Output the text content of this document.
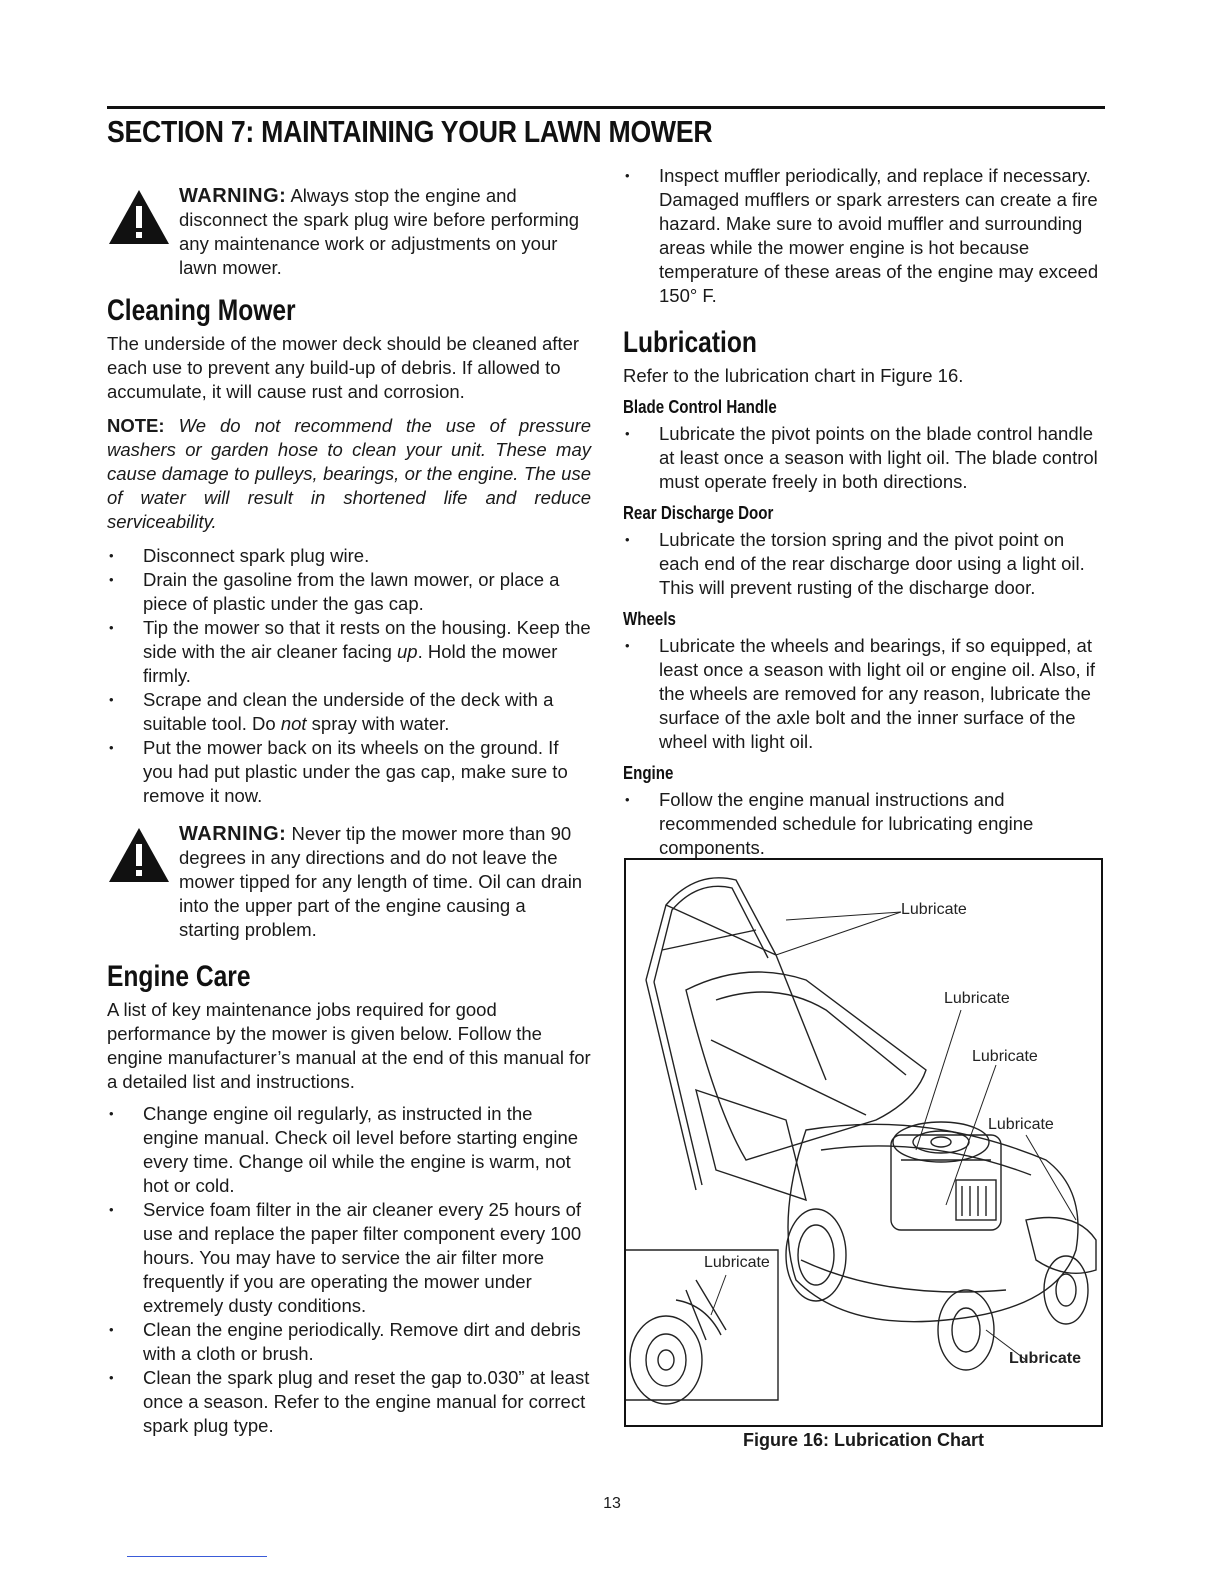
SECTION 7: MAINTAINING YOUR LAWN MOWER
WARNING: Always stop the engine and disconnect the spark plug wire before performing any maintenance work or adjustments on your lawn mower.
Cleaning Mower

The underside of the mower deck should be cleaned after each use to prevent any build-up of debris. If allowed to accumulate, it will cause rust and corrosion.

NOTE: We do not recommend the use of pressure washers or garden hose to clean your unit. These may cause damage to pulleys, bearings, or the engine. The use of water will result in shortened life and reduce serviceability.

• Disconnect spark plug wire.
• Drain the gasoline from the lawn mower, or place a piece of plastic under the gas cap.
• Tip the mower so that it rests on the housing. Keep the side with the air cleaner facing up. Hold the mower firmly.
• Scrape and clean the underside of the deck with a suitable tool. Do not spray with water.
• Put the mower back on its wheels on the ground. If you had put plastic under the gas cap, make sure to remove it now.
WARNING: Never tip the mower more than 90 degrees in any directions and do not leave the mower tipped for any length of time. Oil can drain into the upper part of the engine causing a starting problem.
Engine Care

A list of key maintenance jobs required for good performance by the mower is given below. Follow the engine manufacturer’s manual at the end of this manual for a detailed list and instructions.

• Change engine oil regularly, as instructed in the engine manual. Check oil level before starting engine every time. Change oil while the engine is warm, not hot or cold.
• Service foam filter in the air cleaner every 25 hours of use and replace the paper filter component every 100 hours. You may have to service the air filter more frequently if you are operating the mower under extremely dusty conditions.
• Clean the engine periodically. Remove dirt and debris with a cloth or brush.
• Clean the spark plug and reset the gap to.030” at least once a season. Refer to the engine manual for correct spark plug type.
• Inspect muffler periodically, and replace if necessary. Damaged mufflers or spark arresters can create a fire hazard. Make sure to avoid muffler and surrounding areas while the mower engine is hot because temperature of these areas of the engine may exceed 150° F.
Lubrication

Refer to the lubrication chart in Figure 16.

Blade Control Handle
• Lubricate the pivot points on the blade control handle at least once a season with light oil. The blade control must operate freely in both directions.
Rear Discharge Door
• Lubricate the torsion spring and the pivot point on each end of the rear discharge door using a light oil. This will prevent rusting of the discharge door.
Wheels
• Lubricate the wheels and bearings, if so equipped, at least once a season with light oil or engine oil. Also, if the wheels are removed for any reason, lubricate the surface of the axle bolt and the inner surface of the wheel with light oil.
Engine
• Follow the engine manual instructions and recommended schedule for lubricating engine components.
Lubricate
Lubricate
Lubricate
Lubricate
Lubricate
Lubricate
Figure 16: Lubrication Chart
13
